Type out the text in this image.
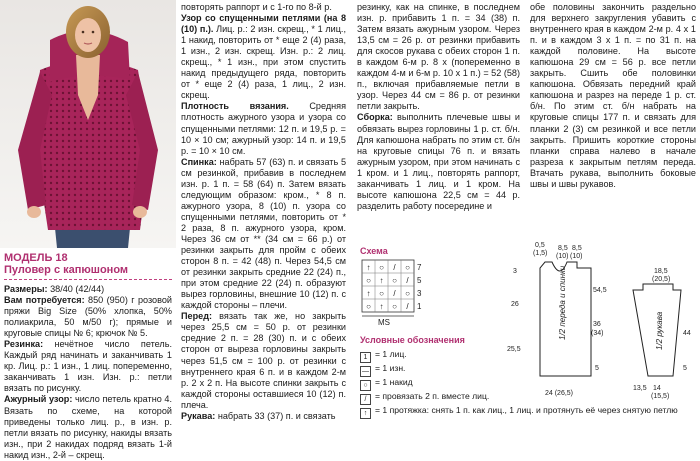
МОДЕЛЬ 18
Пуловер с капюшоном

Размеры: 38/40 (42/44)

Вам потребуется: 850 (950) г розовой пряжи Big Size (50% хлопка, 50% полиакрила, 50 м/50 г); прямые и круговые спицы № 6; крючок № 5.

Резинка: нечётное число петель. Каждый ряд начинать и заканчивать 1 кр. Лиц. р.: 1 изн., 1 лиц. попеременно, заканчивать 1 изн. Изн. р.: петли вязать по рисунку.

Ажурный узор: число петель кратно 4. Вязать по схеме, на которой приведены только лиц. р., в изн. р. петли вязать по рисунку, накиды вязать изн., при 2 накидах подряд вязать 1-й накид изн., 2-й – скрещ.

повторять раппорт и с 1-го по 8-й р.

Узор со спущенными петлями (на 8 (10) п.). Лиц. р.: 2 изн. скрещ., * 1 лиц., 1 накид, повторить от * еще 2 (4) раза, 1 изн., 2 изн. скрещ. Изн. р.: 2 лиц. скрещ., * 1 изн., при этом спустить накид предыдущего ряда, повторить от * еще 2 (4) раза, 1 лиц., 2 изн. скрещ.

Плотность вязания. Средняя плотность ажурного узора и узора со спущенными петлями: 12 п. и 19,5 р. = 10 × 10 см; ажурный узор: 14 п. и 19,5 р. = 10 × 10 см.

Спинка: набрать 57 (63) п. и связать 5 см резинкой, прибавив в последнем изн. р. 1 п. = 58 (64) п. Затем вязать следующим образом: кром., * 8 п. ажурного узора, 8 (10) п. узора со спущенными петлями, повторить от * 2 раза, 8 п. ажурного узора, кром. Через 36 см от ** (34 см = 66 р.) от резинки закрыть для пройм с обеих сторон 8 п. = 42 (48) п. Через 54,5 см от резинки закрыть средние 22 (24) п., при этом средние 22 (24) п. образуют вырез горловины, внешние 10 (12) п. с каждой стороны – плечи.

Перед: вязать так же, но закрыть через 25,5 см = 50 р. от резинки средние 2 п. = 28 (30) п. и с обеих сторон от выреза горловины закрыть через 51,5 см = 100 р. от резинки с внутреннего края 6 п. и в каждом 2-м р. 2 х 2 п. На высоте спинки закрыть с каждой стороны оставшиеся 10 (12) п. плеча.

Рукава: набрать 33 (37) п. и связать

резинку, как на спинке, в последнем изн. р. прибавить 1 п. = 34 (38) п. Затем вязать ажурным узором. Через 13,5 см = 26 р. от резинки прибавить для скосов рукава с обеих сторон 1 п. в каждом 6-м р. 8 х (попеременно в каждом 4-м и 6-м р. 10 х 1 п.) = 52 (58) п., включая прибавляемые петли в узор. Через 44 см = 86 р. от резинки петли закрыть.

Сборка: выполнить плечевые швы и обвязать вырез горловины 1 р. ст. б/н. Для капюшона набрать по этим ст. б/н на круговые спицы 76 п. и вязать ажурным узором, при этом начинать с 1 кром. и 1 лиц., повторять раппорт, заканчивать 1 лиц. и 1 кром. На высоте капюшона 22,5 см = 44 р. разделить работу посередине и

обе половины закончить раздельно для верхнего закругления убавить с внутреннего края в каждом 2-м р. 4 х 1 п. и в каждом 3 х 1 п. = по 31 п. на каждой половине. На высоте капюшона 29 см = 56 р. все петли закрыть. Сшить обе половинки капюшона. Обвязать передний край капюшона и разрез на переде 1 р. ст. б/н. По этим ст. б/н набрать на круговые спицы 177 п. и связать для планки 2 (3) см резинкой и все петли закрыть. Пришить короткие стороны планки справа налево в начале разреза к закрытым петлям переда. Втачать рукава, выполнить боковые швы и швы рукавов.

Схема
↑ ○ / ○
○ ↑ ○ /
↑ ○ / ○
○ ↑ ○ /
7
5
3
1
MS
Условные обозначения
1 = 1 лиц.
— = 1 изн.
○ = 1 накид
/ = провязать 2 п. вместе лиц.
↑ = 1 протяжка: снять 1 п. как лиц., 1 лиц. и протянуть её через снятую петлю
0,5
(1,5)
8,5
(10)
8,5
(10)
3
26
25,5
36
(34)
5
24 (26,5)
54,5
18,5
(20,5)
44
5
14
(15,5)
13,5
1/2 переда и спинки	1/2 рукава
